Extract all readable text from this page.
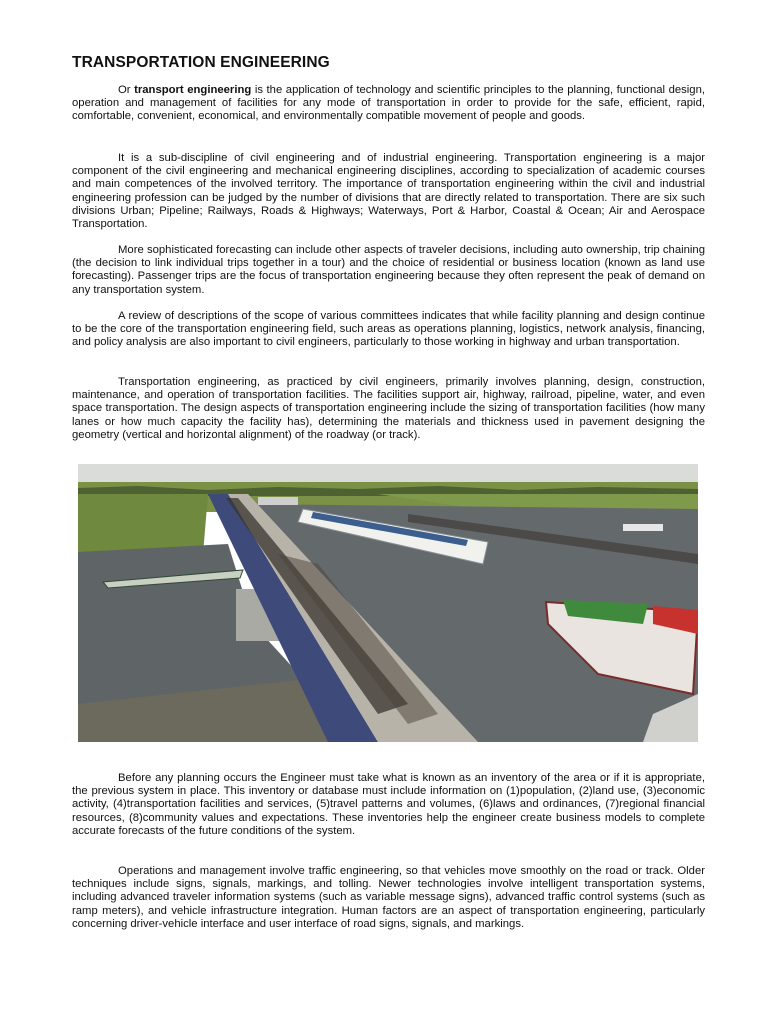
TRANSPORTATION ENGINEERING

Or transport engineering is the application of technology and scientific principles to the planning, functional design, operation and management of facilities for any mode of transportation in order to provide for the safe, efficient, rapid, comfortable, convenient, economical, and environmentally compatible movement of people and goods.

It is a sub-discipline of civil engineering and of industrial engineering. Transportation engineering is a major component of the civil engineering and mechanical engineering disciplines, according to specialization of academic courses and main competences of the involved territory. The importance of transportation engineering within the civil and industrial engineering profession can be judged by the number of divisions that are directly related to transportation. There are six such divisions Urban; Pipeline; Railways, Roads & Highways; Waterways, Port & Harbor, Coastal & Ocean; Air and Aerospace Transportation.

More sophisticated forecasting can include other aspects of traveler decisions, including auto ownership, trip chaining (the decision to link individual trips together in a tour) and the choice of residential or business location (known as land use forecasting). Passenger trips are the focus of transportation engineering because they often represent the peak of demand on any transportation system.

A review of descriptions of the scope of various committees indicates that while facility planning and design continue to be the core of the transportation engineering field, such areas as operations planning, logistics, network analysis, financing, and policy analysis are also important to civil engineers, particularly to those working in highway and urban transportation.

Transportation engineering, as practiced by civil engineers, primarily involves planning, design, construction, maintenance, and operation of transportation facilities. The facilities support air, highway, railroad, pipeline, water, and even space transportation. The design aspects of transportation engineering include the sizing of transportation facilities (how many lanes or how much capacity the facility has), determining the materials and thickness used in pavement designing the geometry (vertical and horizontal alignment) of the roadway (or track).

Before any planning occurs the Engineer must take what is known as an inventory of the area or if it is appropriate, the previous system in place. This inventory or database must include information on (1)population, (2)land use, (3)economic activity, (4)transportation facilities and services, (5)travel patterns and volumes, (6)laws and ordinances, (7)regional financial resources, (8)community values and expectations. These inventories help the engineer create business models to complete accurate forecasts of the future conditions of the system.

Operations and management involve traffic engineering, so that vehicles move smoothly on the road or track. Older techniques include signs, signals, markings, and tolling. Newer technologies involve intelligent transportation systems, including advanced traveler information systems (such as variable message signs), advanced traffic control systems (such as ramp meters), and vehicle infrastructure integration. Human factors are an aspect of transportation engineering, particularly concerning driver-vehicle interface and user interface of road signs, signals, and markings.
